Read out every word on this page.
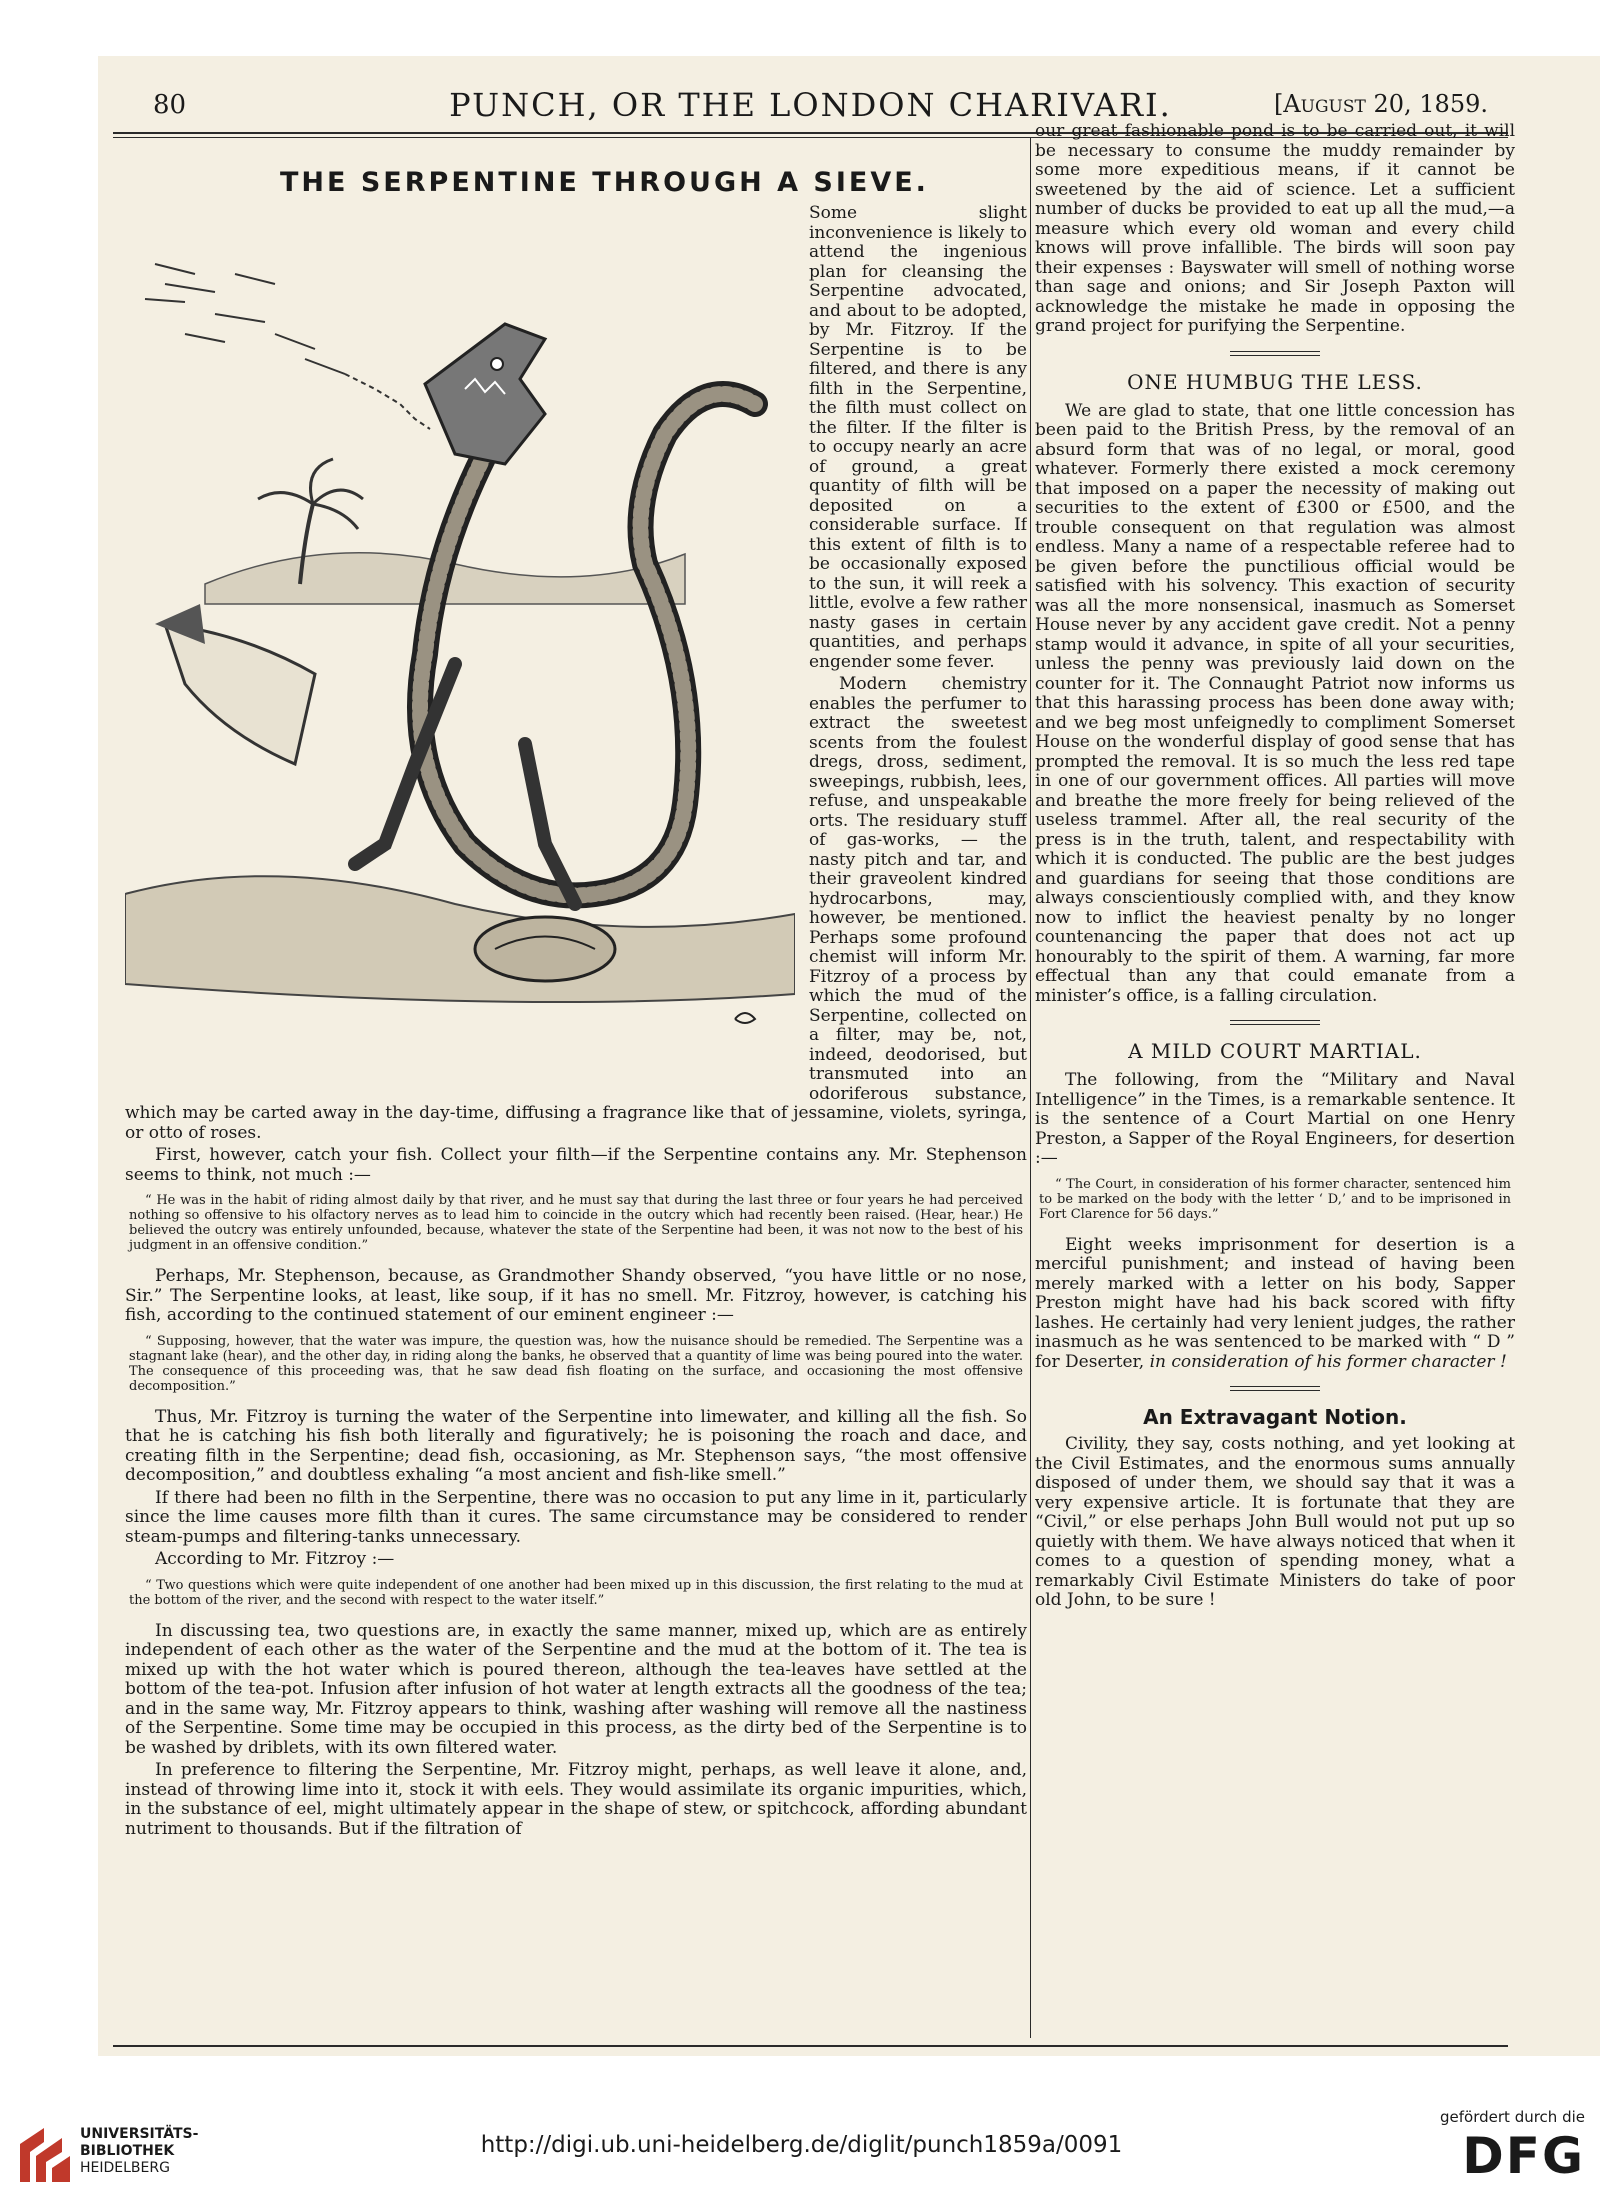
80	PUNCH, OR THE LONDON CHARIVARI.	[August 20, 1859.
THE SERPENTINE THROUGH A SIEVE.

Some slight inconvenience is likely to attend the ingenious plan for cleansing the Serpentine advocated, and about to be adopted, by Mr. Fitzroy. If the Serpentine is to be filtered, and there is any filth in the Serpentine, the filth must collect on the filter. If the filter is to occupy nearly an acre of ground, a great quantity of filth will be deposited on a considerable surface. If this extent of filth is to be occasionally exposed to the sun, it will reek a little, evolve a few rather nasty gases in certain quantities, and perhaps engender some fever.

Modern chemistry enables the perfumer to extract the sweetest scents from the foulest dregs, dross, sediment, sweepings, rubbish, lees, refuse, and unspeakable orts. The residuary stuff of gas-works, — the nasty pitch and tar, and their graveolent kindred hydrocarbons, may, however, be mentioned. Perhaps some profound chemist will inform Mr. Fitzroy of a process by which the mud of the Serpentine, collected on a filter, may be, not, indeed, deodorised, but transmuted into an odoriferous substance, which may be carted away in the day-time, diffusing a fragrance like that of jessamine, violets, syringa, or otto of roses.

First, however, catch your fish. Collect your filth—if the Serpentine contains any. Mr. Stephenson seems to think, not much :—

“ He was in the habit of riding almost daily by that river, and he must say that during the last three or four years he had perceived nothing so offensive to his olfactory nerves as to lead him to coincide in the outcry which had recently been raised. (Hear, hear.) He believed the outcry was entirely unfounded, because, whatever the state of the Serpentine had been, it was not now to the best of his judgment in an offensive condition.”

Perhaps, Mr. Stephenson, because, as Grandmother Shandy observed, “you have little or no nose, Sir.” The Serpentine looks, at least, like soup, if it has no smell. Mr. Fitzroy, however, is catching his fish, according to the continued statement of our eminent engineer :—

“ Supposing, however, that the water was impure, the question was, how the nuisance should be remedied. The Serpentine was a stagnant lake (hear), and the other day, in riding along the banks, he observed that a quantity of lime was being poured into the water. The consequence of this proceeding was, that he saw dead fish floating on the surface, and occasioning the most offensive decomposition.”

Thus, Mr. Fitzroy is turning the water of the Serpentine into limewater, and killing all the fish. So that he is catching his fish both literally and figuratively; he is poisoning the roach and dace, and creating filth in the Serpentine; dead fish, occasioning, as Mr. Stephenson says, “the most offensive decomposition,” and doubtless exhaling “a most ancient and fish-like smell.”

If there had been no filth in the Serpentine, there was no occasion to put any lime in it, particularly since the lime causes more filth than it cures. The same circumstance may be considered to render steam-pumps and filtering-tanks unnecessary.

According to Mr. Fitzroy :—

“ Two questions which were quite independent of one another had been mixed up in this discussion, the first relating to the mud at the bottom of the river, and the second with respect to the water itself.”

In discussing tea, two questions are, in exactly the same manner, mixed up, which are as entirely independent of each other as the water of the Serpentine and the mud at the bottom of it. The tea is mixed up with the hot water which is poured thereon, although the tea-leaves have settled at the bottom of the tea-pot. Infusion after infusion of hot water at length extracts all the goodness of the tea; and in the same way, Mr. Fitzroy appears to think, washing after washing will remove all the nastiness of the Serpentine. Some time may be occupied in this process, as the dirty bed of the Serpentine is to be washed by driblets, with its own filtered water.

In preference to filtering the Serpentine, Mr. Fitzroy might, perhaps, as well leave it alone, and, instead of throwing lime into it, stock it with eels. They would assimilate its organic impurities, which, in the substance of eel, might ultimately appear in the shape of stew, or spitchcock, affording abundant nutriment to thousands. But if the filtration of

our great fashionable pond is to be carried out, it will be necessary to consume the muddy remainder by some more expeditious means, if it cannot be sweetened by the aid of science. Let a sufficient number of ducks be provided to eat up all the mud,—a measure which every old woman and every child knows will prove infallible. The birds will soon pay their expenses : Bayswater will smell of nothing worse than sage and onions; and Sir Joseph Paxton will acknowledge the mistake he made in opposing the grand project for purifying the Serpentine.

ONE HUMBUG THE LESS.

We are glad to state, that one little concession has been paid to the British Press, by the removal of an absurd form that was of no legal, or moral, good whatever. Formerly there existed a mock ceremony that imposed on a paper the necessity of making out securities to the extent of £300 or £500, and the trouble consequent on that regulation was almost endless. Many a name of a respectable referee had to be given before the punctilious official would be satisfied with his solvency. This exaction of security was all the more nonsensical, inasmuch as Somerset House never by any accident gave credit. Not a penny stamp would it advance, in spite of all your securities, unless the penny was previously laid down on the counter for it. The Connaught Patriot now informs us that this harassing process has been done away with; and we beg most unfeignedly to compliment Somerset House on the wonderful display of good sense that has prompted the removal. It is so much the less red tape in one of our government offices. All parties will move and breathe the more freely for being relieved of the useless trammel. After all, the real security of the press is in the truth, talent, and respectability with which it is conducted. The public are the best judges and guardians for seeing that those conditions are always conscientiously complied with, and they know now to inflict the heaviest penalty by no longer countenancing the paper that does not act up honourably to the spirit of them. A warning, far more effectual than any that could emanate from a minister’s office, is a falling circulation.

A MILD COURT MARTIAL.

The following, from the “Military and Naval Intelligence” in the Times, is a remarkable sentence. It is the sentence of a Court Martial on one Henry Preston, a Sapper of the Royal Engineers, for desertion :—

“ The Court, in consideration of his former character, sentenced him to be marked on the body with the letter ‘ D,’ and to be imprisoned in Fort Clarence for 56 days.”

Eight weeks imprisonment for desertion is a merciful punishment; and instead of having been merely marked with a letter on his body, Sapper Preston might have had his back scored with fifty lashes. He certainly had very lenient judges, the rather inasmuch as he was sentenced to be marked with “ D ” for Deserter, in consideration of his former character !

An Extravagant Notion.

Civility, they say, costs nothing, and yet looking at the Civil Estimates, and the enormous sums annually disposed of under them, we should say that it was a very expensive article. It is fortunate that they are “Civil,” or else perhaps John Bull would not put up so quietly with them. We have always noticed that when it comes to a question of spending money, what a remarkably Civil Estimate Ministers do take of poor old John, to be sure !

UNIVERSITÄTS-
BIBLIOTHEK
HEIDELBERG
http://digi.ub.uni-heidelberg.de/diglit/punch1859a/0091
gefördert durch die
DFG
